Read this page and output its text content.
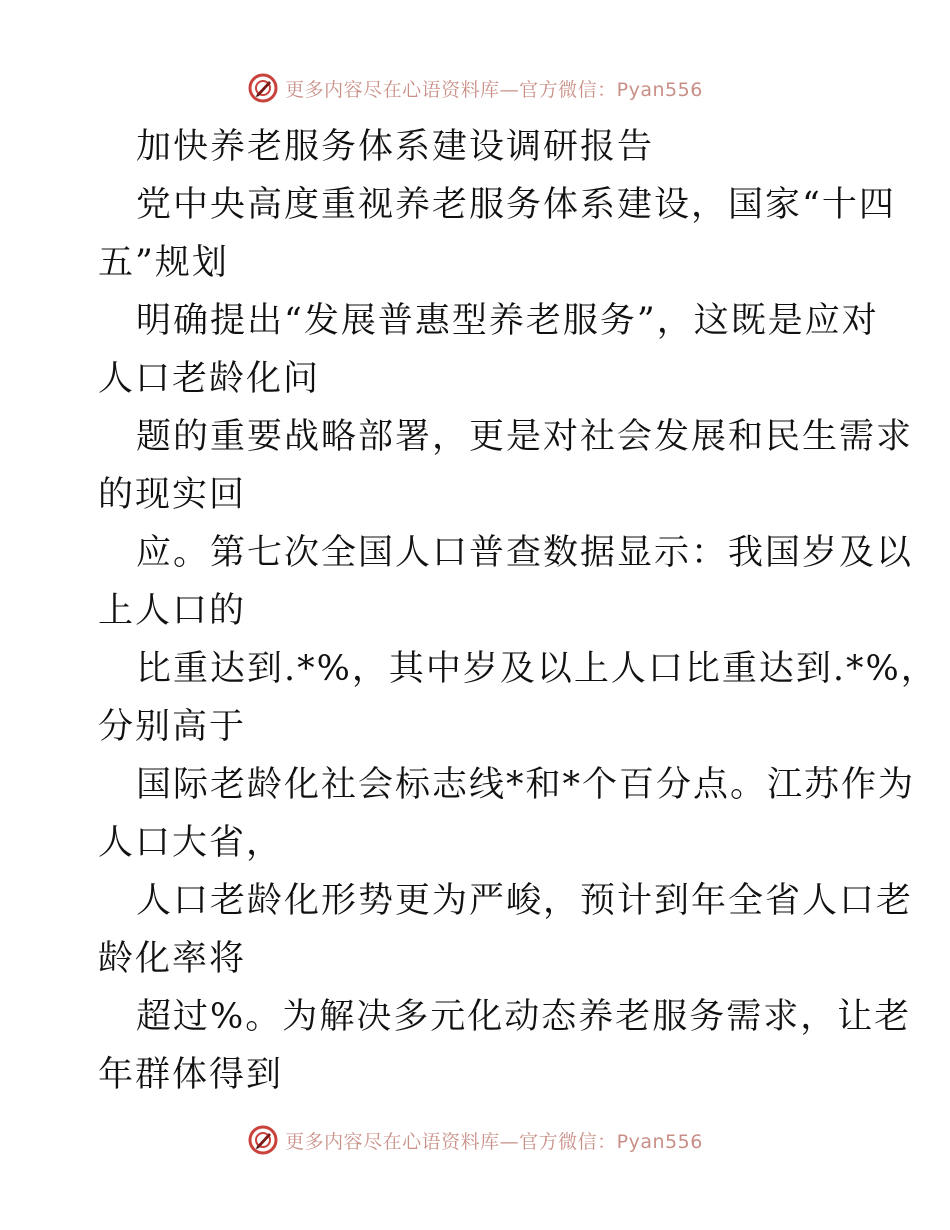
更多内容尽在心语资料库—官方微信：Pyan556
加快养老服务体系建设调研报告
党中央高度重视养老服务体系建设，国家“十四
五”规划
明确提出“发展普惠型养老服务”，这既是应对
人口老龄化问
题的重要战略部署，更是对社会发展和民生需求
的现实回
应。第七次全国人口普查数据显示：我国岁及以
上人口的
比重达到.*%，其中岁及以上人口比重达到.*%，
分别高于
国际老龄化社会标志线*和*个百分点。江苏作为
人口大省，
人口老龄化形势更为严峻，预计到年全省人口老
龄化率将
超过%。为解决多元化动态养老服务需求，让老
年群体得到
更多内容尽在心语资料库—官方微信：Pyan556
